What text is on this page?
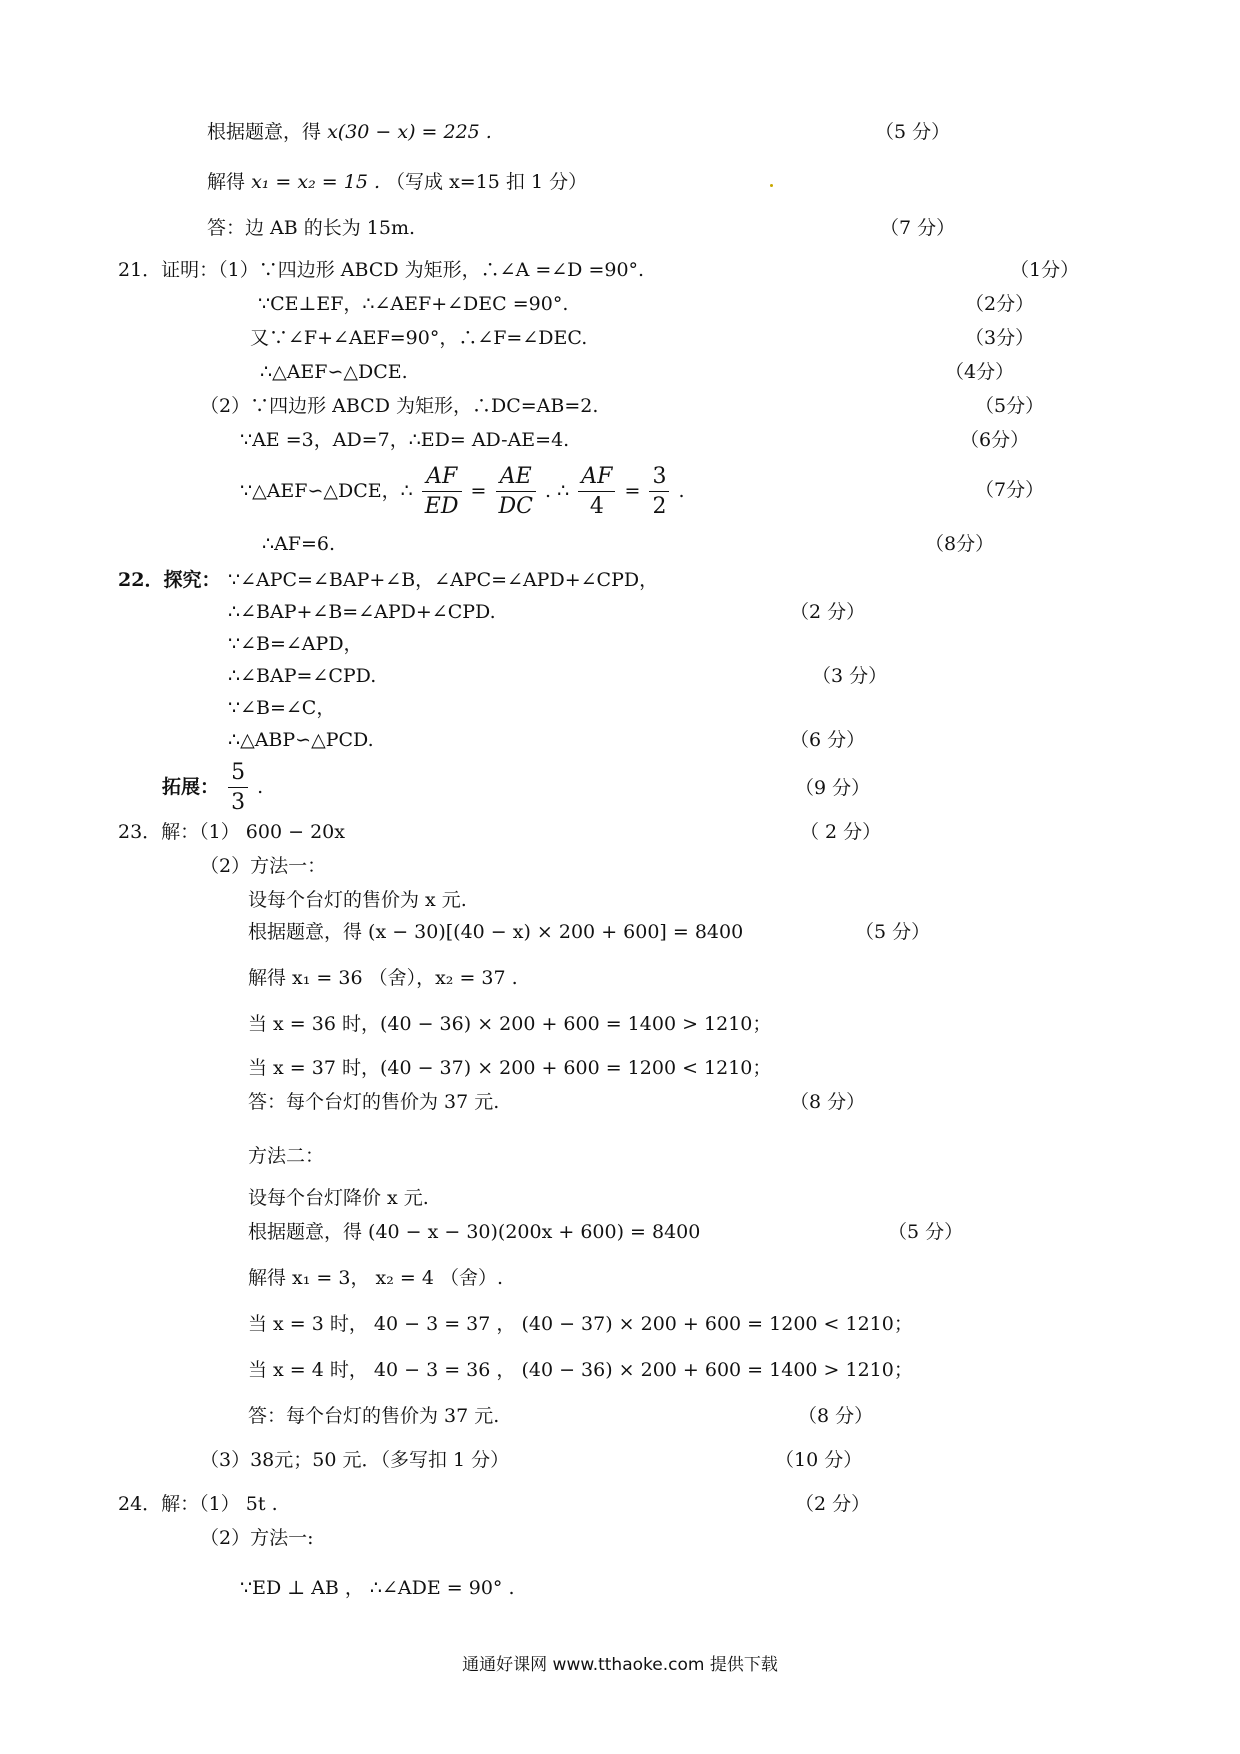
根据题意，得 x(30 − x) = 225 .	（5 分）
解得 x₁ = x₂ = 15 . （写成 x=15 扣 1 分）
答：边 AB 的长为 15m.	（7 分）
21．证明：（1）∵四边形 ABCD 为矩形，∴∠A =∠D =90°.	（1分）
∵CE⊥EF，∴∠AEF+∠DEC =90°.	（2分）
又∵∠F+∠AEF=90°，∴∠F=∠DEC.	（3分）
∴△AEF∽△DCE.	（4分）
（2）∵四边形 ABCD 为矩形，∴DC=AB=2.	（5分）
∵AE =3，AD=7，∴ED= AD-AE=4.	（6分）
∵△AEF∽△DCE，∴ $\frac{AF}{ED} = \frac{AE}{DC}$ . ∴ $\frac{AF}{4} = \frac{3}{2}$ .	（7分）
∴AF=6.	（8分）
22．探究： ∵∠APC=∠BAP+∠B，∠APC=∠APD+∠CPD，
∴∠BAP+∠B=∠APD+∠CPD.	（2 分）
∵∠B=∠APD，
∴∠BAP=∠CPD.	（3 分）
∵∠B=∠C，
∴△ABP∽△PCD.	（6 分）
拓展： $\frac{5}{3}$ .	（9 分）
23．解：（1） 600 − 20x	（ 2 分）
（2）方法一：
设每个台灯的售价为 x 元.
根据题意，得 (x − 30)[(40 − x) × 200 + 600] = 8400	（5 分）
解得 x₁ = 36 （舍），x₂ = 37 .
当 x = 36 时，(40 − 36) × 200 + 600 = 1400 > 1210；
当 x = 37 时，(40 − 37) × 200 + 600 = 1200 < 1210；
答：每个台灯的售价为 37 元.	（8 分）
方法二：
设每个台灯降价 x 元.
根据题意，得 (40 − x − 30)(200x + 600) = 8400	（5 分）
解得 x₁ = 3， x₂ = 4 （舍）.
当 x = 3 时， 40 − 3 = 37 ， (40 − 37) × 200 + 600 = 1200 < 1210；
当 x = 4 时， 40 − 3 = 36 ， (40 − 36) × 200 + 600 = 1400 > 1210；
答：每个台灯的售价为 37 元.	（8 分）
（3）38元；50 元．（多写扣 1 分）	（10 分）
24．解：（1） 5t .	（2 分）
（2）方法一:
∵ED ⊥ AB ， ∴∠ADE = 90° .
通通好课网 www.tthaoke.com 提供下载
